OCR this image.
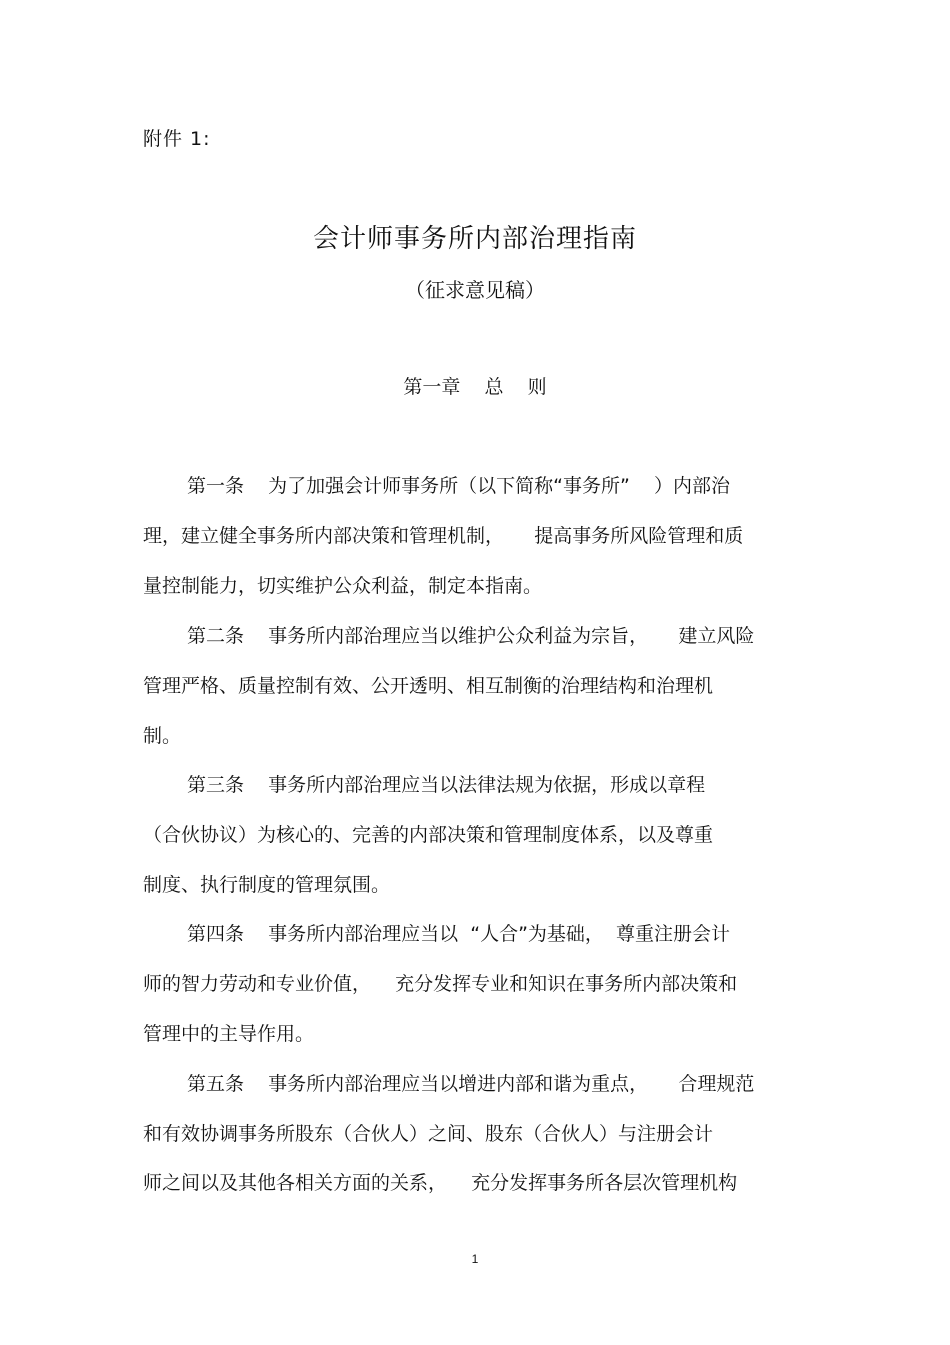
附件 1:
会计师事务所内部治理指南
（征求意见稿）
第一章    总    则
第一条    为了加强会计师事务所（以下简称“事务所”    ）内部治
理，建立健全事务所内部决策和管理机制，     提高事务所风险管理和质
量控制能力，切实维护公众利益，制定本指南。
第二条    事务所内部治理应当以维护公众利益为宗旨，     建立风险
管理严格、质量控制有效、公开透明、相互制衡的治理结构和治理机
制。
第三条    事务所内部治理应当以法律法规为依据，形成以章程
（合伙协议）为核心的、完善的内部决策和管理制度体系，以及尊重
制度、执行制度的管理氛围。
第四条    事务所内部治理应当以  “人合”为基础，  尊重注册会计
师的智力劳动和专业价值，    充分发挥专业和知识在事务所内部决策和
管理中的主导作用。
第五条    事务所内部治理应当以增进内部和谐为重点，     合理规范
和有效协调事务所股东（合伙人）之间、股东（合伙人）与注册会计
师之间以及其他各相关方面的关系，    充分发挥事务所各层次管理机构
1
